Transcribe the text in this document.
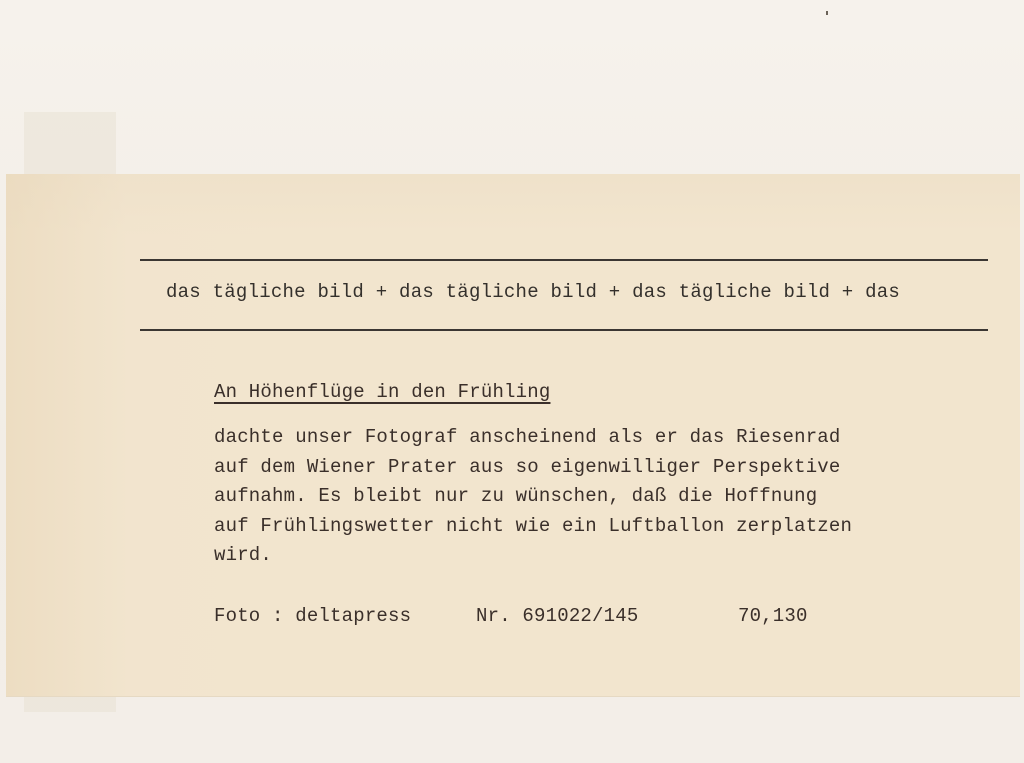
das tägliche bild + das tägliche bild + das tägliche bild + das
An Höhenflüge in den Frühling
dachte unser Fotograf anscheinend als er das Riesenrad
auf dem Wiener Prater aus so eigenwilliger Perspektive
aufnahm. Es bleibt nur zu wünschen, daß die Hoffnung
auf Frühlingswetter nicht wie ein Luftballon zerplatzen
wird.
Foto : deltapress	Nr. 691022/145	70,130
